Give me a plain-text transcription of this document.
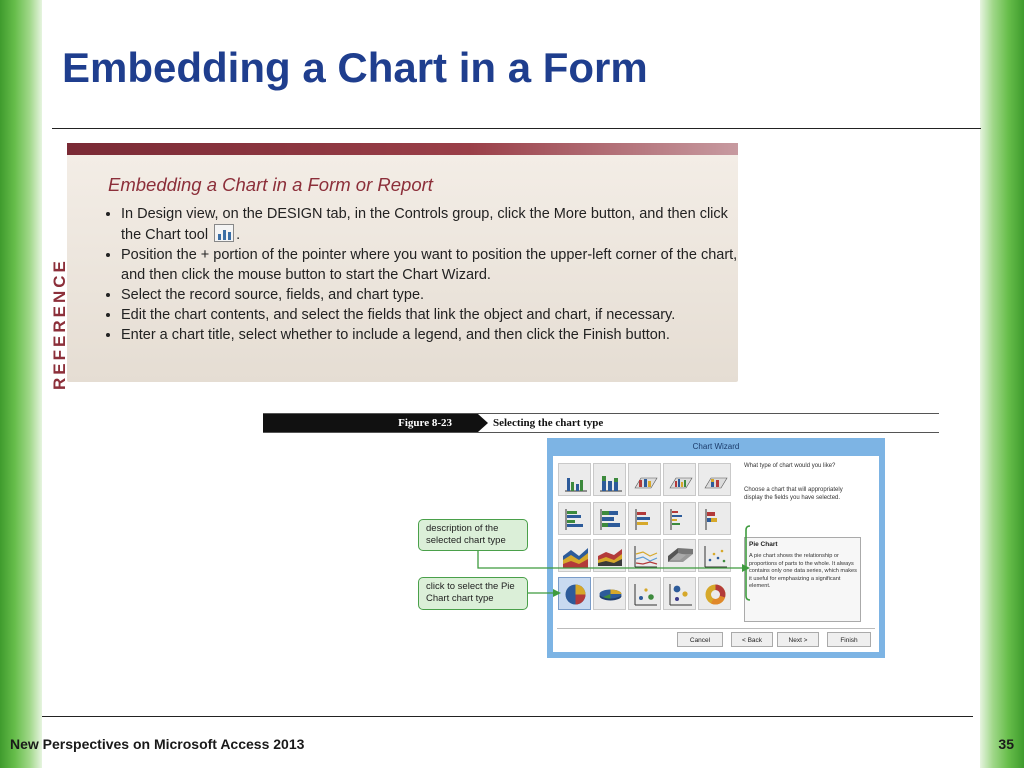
Embedding a Chart in a Form
REFERENCE
Embedding a Chart in a Form or Report
• In Design view, on the DESIGN tab, in the Controls group, click the More button, and then click the Chart tool .
• Position the + portion of the pointer where you want to position the upper-left corner of the chart, and then click the mouse button to start the Chart Wizard.
• Select the record source, fields, and chart type.
• Edit the chart contents, and select the fields that link the object and chart, if necessary.
• Enter a chart title, select whether to include a legend, and then click the Finish button.
Figure 8-23	Selecting the chart type
Chart Wizard
What type of chart would you like?
Choose a chart that will appropriately display the fields you have selected.
Pie Chart
A pie chart shows the relationship or proportions of parts to the whole. It always contains only one data series, which makes it useful for emphasizing a significant element.
Cancel	< Back	Next >	Finish
description of the selected chart type
click to select the Pie Chart chart type
New Perspectives on Microsoft Access 2013	35
